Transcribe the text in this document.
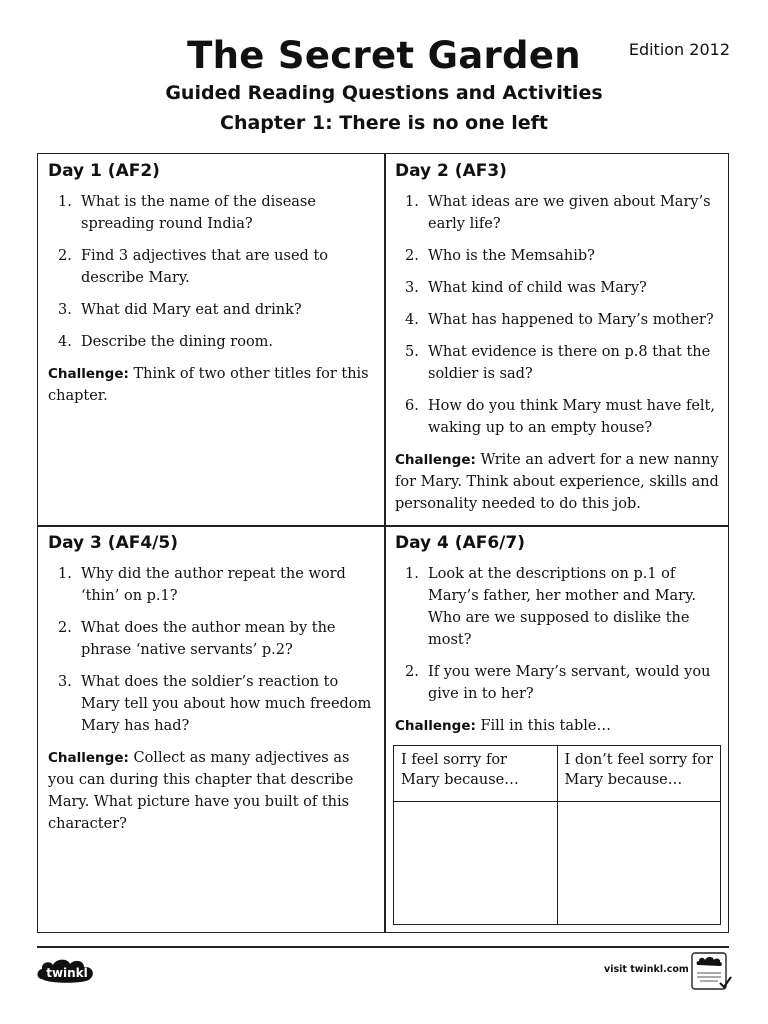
The Secret Garden	Edition 2012
Guided Reading Questions and Activities
Chapter 1: There is no one left
Day 1 (AF2)
1. What is the name of the disease spreading round India?
2. Find 3 adjectives that are used to describe Mary.
3. What did Mary eat and drink?
4. Describe the dining room.
Challenge: Think of two other titles for this chapter.
Day 2 (AF3)
1. What ideas are we given about Mary’s early life?
2. Who is the Memsahib?
3. What kind of child was Mary?
4. What has happened to Mary’s mother?
5. What evidence is there on p.8 that the soldier is sad?
6. How do you think Mary must have felt, waking up to an empty house?
Challenge: Write an advert for a new nanny for Mary. Think about experience, skills and personality needed to do this job.
Day 3 (AF4/5)
1. Why did the author repeat the word ‘thin’ on p.1?
2. What does the author mean by the phrase ‘native servants’ p.2?
3. What does the soldier’s reaction to Mary tell you about how much freedom Mary has had?
Challenge: Collect as many adjectives as you can during this chapter that describe Mary. What picture have you built of this character?
Day 4 (AF6/7)
1. Look at the descriptions on p.1 of Mary’s father, her mother and Mary. Who are we supposed to dislike the most?
2. If you were Mary’s servant, would you give in to her?
Challenge: Fill in this table…
I feel sorry for Mary because…	I don’t feel sorry for Mary because…

twinkl	visit twinkl.com
